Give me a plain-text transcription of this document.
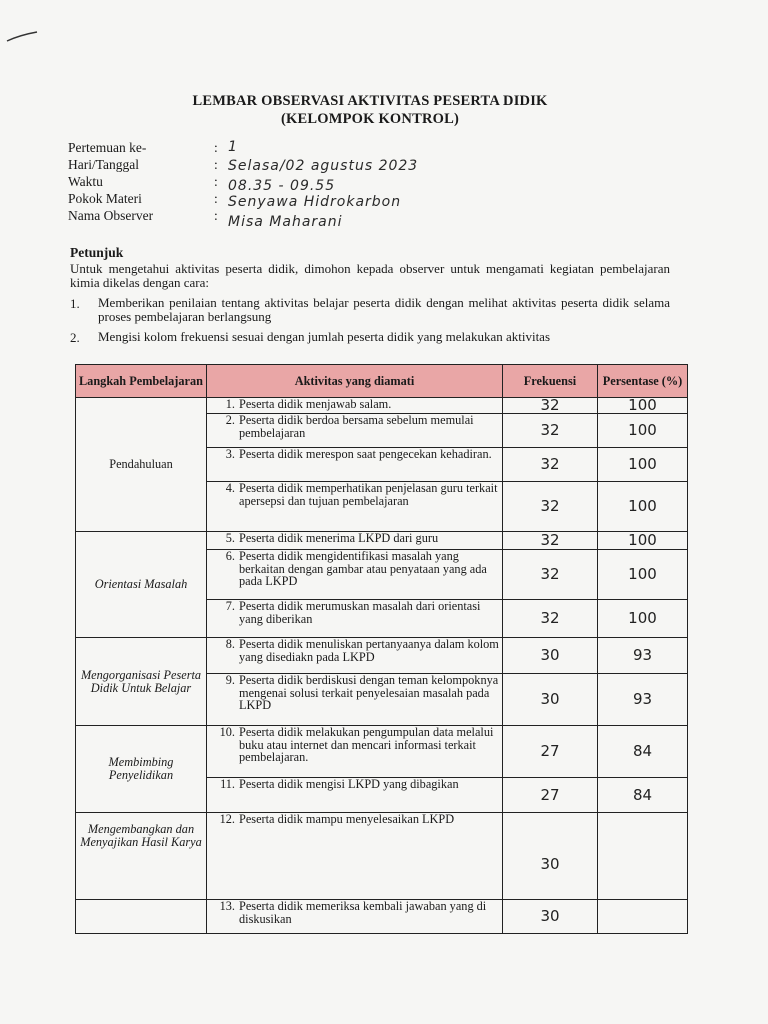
LEMBAR OBSERVASI AKTIVITAS PESERTA DIDIK
(KELOMPOK KONTROL)
Pertemuan ke-	: 1
Hari/Tanggal	: Selasa/02 agustus 2023
Waktu	: 08.35 - 09.55
Pokok Materi	: Senyawa Hidrokarbon
Nama Observer	: Misa Maharani
Petunjuk
Untuk mengetahui aktivitas peserta didik, dimohon kepada observer untuk mengamati kegiatan pembelajaran kimia dikelas dengan cara:
1. Memberikan penilaian tentang aktivitas belajar peserta didik dengan melihat aktivitas peserta didik selama proses pembelajaran berlangsung
2. Mengisi kolom frekuensi sesuai dengan jumlah peserta didik yang melakukan aktivitas
Langkah Pembelajaran	Aktivitas yang diamati	Frekuensi	Persentase (%)
Pendahuluan	1. Peserta didik menjawab salam.	32	100

	2. Peserta didik berdoa bersama sebelum memulai pembelajaran	32	100

	3. Peserta didik merespon saat pengecekan kehadiran.	32	100

	4. Peserta didik memperhatikan penjelasan guru terkait apersepsi dan tujuan pembelajaran	32	100
Orientasi Masalah	5. Peserta didik menerima LKPD dari guru	32	100

	6. Peserta didik mengidentifikasi masalah yang berkaitan dengan gambar atau penyataan yang ada pada LKPD	32	100

	7. Peserta didik merumuskan masalah dari orientasi yang diberikan	32	100
Mengorganisasi Peserta Didik Untuk Belajar	8. Peserta didik menuliskan pertanyaanya dalam kolom yang disediakn pada LKPD	30	93

	9. Peserta didik berdiskusi dengan teman kelompoknya mengenai solusi terkait penyelesaian masalah pada LKPD	30	93
Membimbing Penyelidikan	10. Peserta didik melakukan pengumpulan data melalui buku atau internet dan mencari informasi terkait pembelajaran.	27	84

	11. Peserta didik mengisi LKPD yang dibagikan	27	84
Mengembangkan dan Menyajikan Hasil Karya	12. Peserta didik mampu menyelesaikan LKPD	30	

	13. Peserta didik memeriksa kembali jawaban yang di diskusikan	30	
